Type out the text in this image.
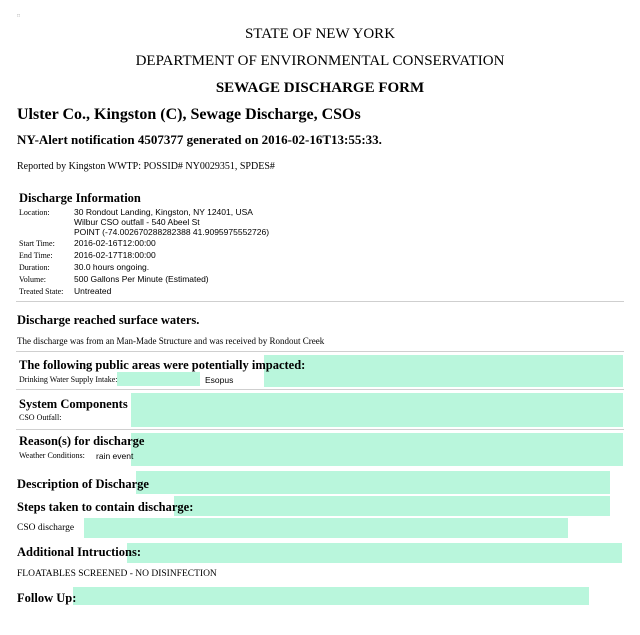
□
STATE OF NEW YORK
DEPARTMENT OF ENVIRONMENTAL CONSERVATION
SEWAGE DISCHARGE FORM
Ulster Co., Kingston (C), Sewage Discharge, CSOs
NY-Alert notification 4507377 generated on 2016-02-16T13:55:33.
Reported by Kingston WWTP: POSSID# NY0029351, SPDES#
Discharge Information
Location:	30 Rondout Landing, Kingston, NY 12401, USA
Wilbur CSO outfall - 540 Abeel St
POINT (-74.002670288282388 41.9095975552726)
Start Time: 2016-02-16T12:00:00
End Time:	2016-02-17T18:00:00
Duration:	30.0 hours ongoing.
Volume:	500 Gallons Per Minute (Estimated)
Treated State: Untreated
Discharge reached surface waters.
The discharge was from an Man-Made Structure and was received by Rondout Creek
The following public areas were potentially impacted:
Drinking Water Supply Intake:	Esopus
System Components
CSO Outfall:
Reason(s) for discharge
Weather Conditions: rain event
Description of Discharge
Steps taken to contain discharge:
CSO discharge
Additional Intructions:
FLOATABLES SCREENED - NO DISINFECTION
Follow Up:
